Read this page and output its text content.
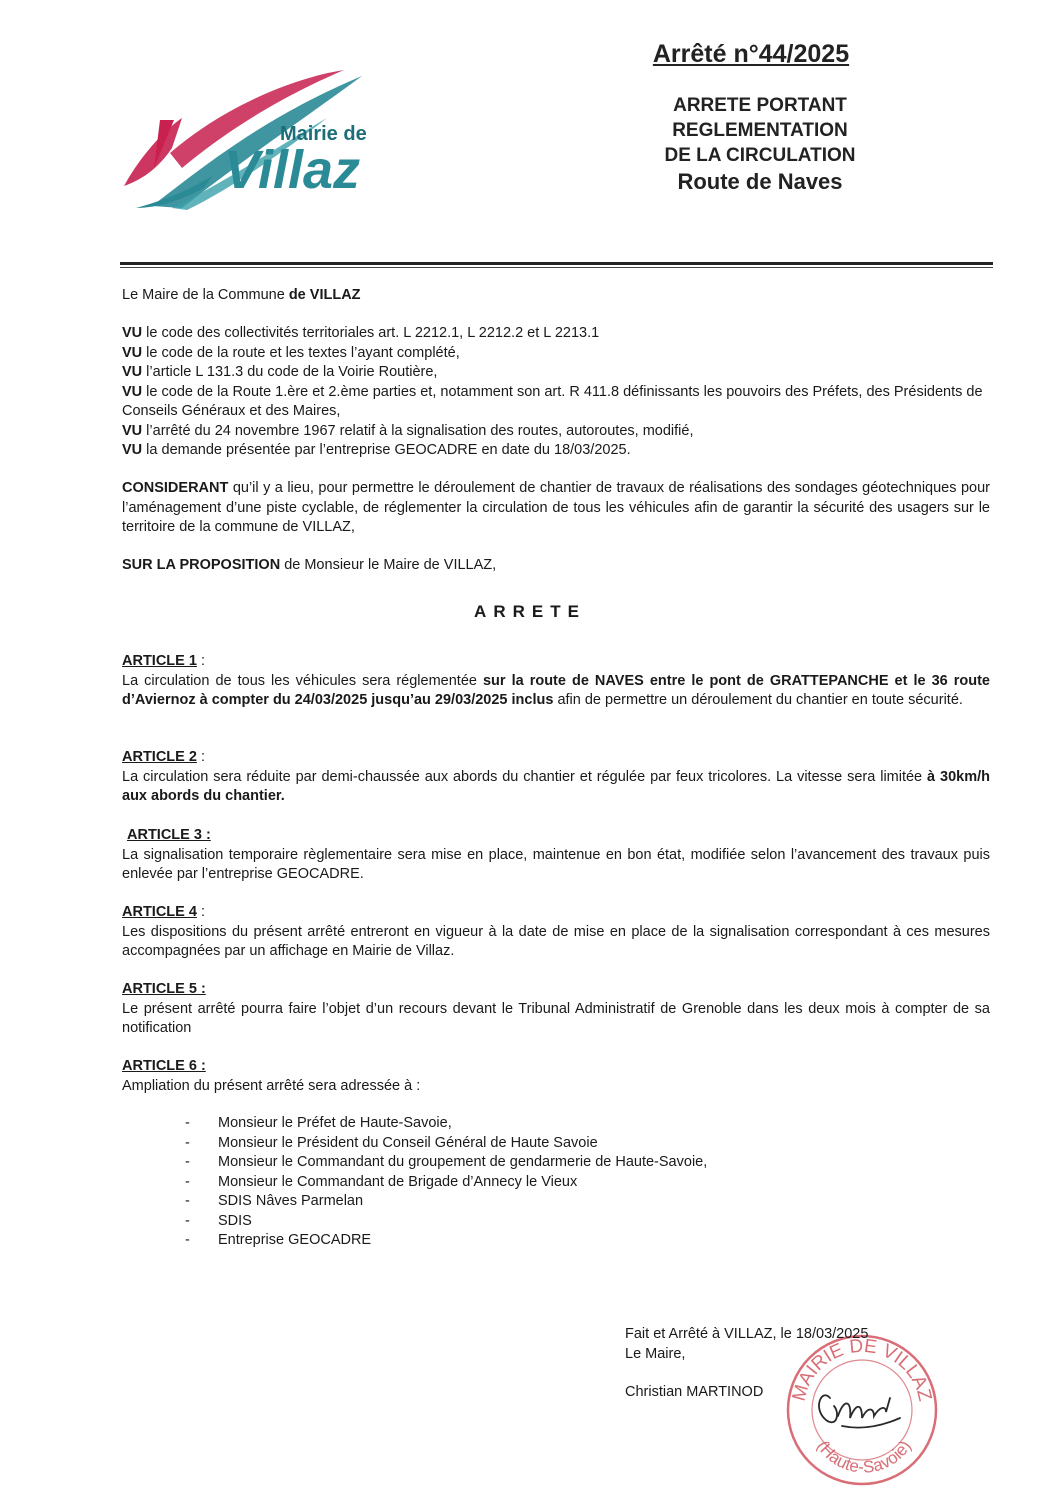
Mairie de
Villaz
Arrêté n°44/2025
ARRETE PORTANT
REGLEMENTATION
DE LA CIRCULATION
Route de Naves
Le Maire de la Commune de VILLAZ
VU le code des collectivités territoriales art. L 2212.1, L 2212.2 et L 2213.1
VU le code de la route et les textes l’ayant complété,
VU l’article L 131.3 du code de la Voirie Routière,
VU le code de la Route 1.ère et 2.ème parties et, notamment son art. R 411.8 définissants les pouvoirs des Préfets, des Présidents de Conseils Généraux et des Maires,
VU l’arrêté du 24 novembre 1967 relatif à la signalisation des routes, autoroutes, modifié,
VU la demande présentée par l’entreprise GEOCADRE en date du 18/03/2025.
CONSIDERANT qu’il y a lieu, pour permettre le déroulement de chantier de travaux de réalisations des sondages géotechniques pour l’aménagement d’une piste cyclable, de réglementer la circulation de tous les véhicules afin de garantir la sécurité des usagers sur le territoire de la commune de VILLAZ,
SUR LA PROPOSITION de Monsieur le Maire de VILLAZ,
ARRETE
ARTICLE 1 :
La circulation de tous les véhicules sera réglementée sur la route de NAVES entre le pont de GRATTEPANCHE et le 36 route d’Aviernoz à compter du 24/03/2025 jusqu’au 29/03/2025 inclus afin de permettre un déroulement du chantier en toute sécurité.
ARTICLE 2 :
La circulation sera réduite par demi-chaussée aux abords du chantier et régulée par feux tricolores. La vitesse sera limitée à 30km/h aux abords du chantier.
ARTICLE 3 :
La signalisation temporaire règlementaire sera mise en place, maintenue en bon état, modifiée selon l’avancement des travaux puis enlevée par l’entreprise GEOCADRE.
ARTICLE 4 :
Les dispositions du présent arrêté entreront en vigueur à la date de mise en place de la signalisation correspondant à ces mesures accompagnées par un affichage en Mairie de Villaz.
ARTICLE 5 :
Le présent arrêté pourra faire l’objet d’un recours devant le Tribunal Administratif de Grenoble dans les deux mois à compter de sa notification
ARTICLE 6 :
Ampliation du présent arrêté sera adressée à :
- Monsieur le Préfet de Haute-Savoie,
- Monsieur le Président du Conseil Général de Haute Savoie
- Monsieur le Commandant du groupement de gendarmerie de Haute-Savoie,
- Monsieur le Commandant de Brigade d’Annecy le Vieux
- SDIS Nâves Parmelan
- SDIS
- Entreprise GEOCADRE
MAIRIE DE VILLAZ
(Haute-Savoie)
Fait et Arrêté à VILLAZ, le 18/03/2025
Le Maire,
Christian MARTINOD
